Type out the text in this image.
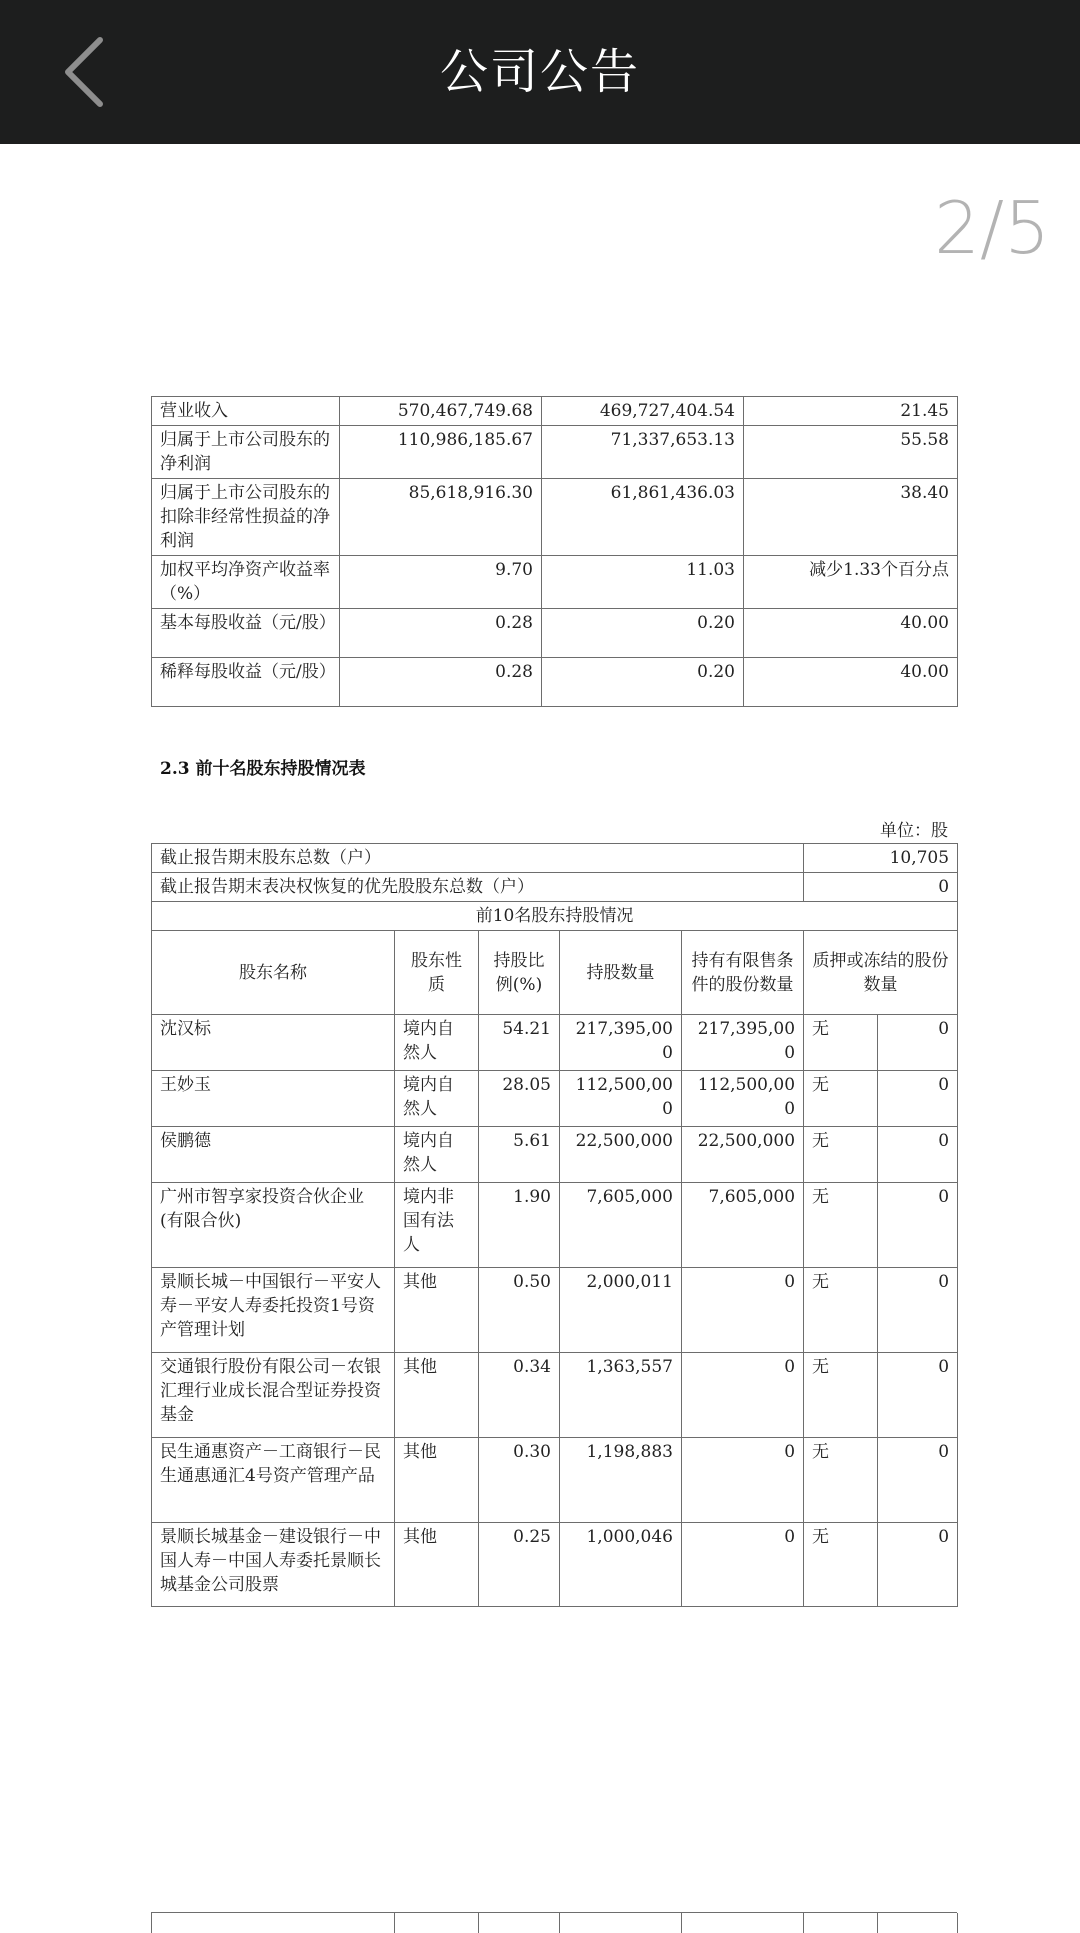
公司公告
2/5
营业收入	570,467,749.68	469,727,404.54	21.45
归属于上市公司股东的净利润	110,986,185.67	71,337,653.13	55.58
归属于上市公司股东的扣除非经常性损益的净利润	85,618,916.30	61,861,436.03	38.40
加权平均净资产收益率（%）	9.70	11.03	减少1.33个百分点
基本每股收益（元/股）	0.28	0.20	40.00
稀释每股收益（元/股）	0.28	0.20	40.00
2.3 前十名股东持股情况表
单位：股
截止报告期末股东总数（户）					10,705	
截止报告期末表决权恢复的优先股股东总数（户）					0	
前10名股东持股情况						
股东名称	股东性质	持股比例(%)	持股数量	持有有限售条件的股份数量	质押或冻结的股份数量	
沈汉标	境内自然人	54.21	217,395,000	217,395,000	无	0
王妙玉	境内自然人	28.05	112,500,000	112,500,000	无	0
侯鹏德	境内自然人	5.61	22,500,000	22,500,000	无	0
广州市智享家投资合伙企业(有限合伙)	境内非国有法人	1.90	7,605,000	7,605,000	无	0
景顺长城－中国银行－平安人寿－平安人寿委托投资1号资产管理计划	其他	0.50	2,000,011	0	无	0
交通银行股份有限公司－农银汇理行业成长混合型证券投资基金	其他	0.34	1,363,557	0	无	0
民生通惠资产－工商银行－民生通惠通汇4号资产管理产品	其他	0.30	1,198,883	0	无	0
景顺长城基金－建设银行－中国人寿－中国人寿委托景顺长城基金公司股票	其他	0.25	1,000,046	0	无	0
